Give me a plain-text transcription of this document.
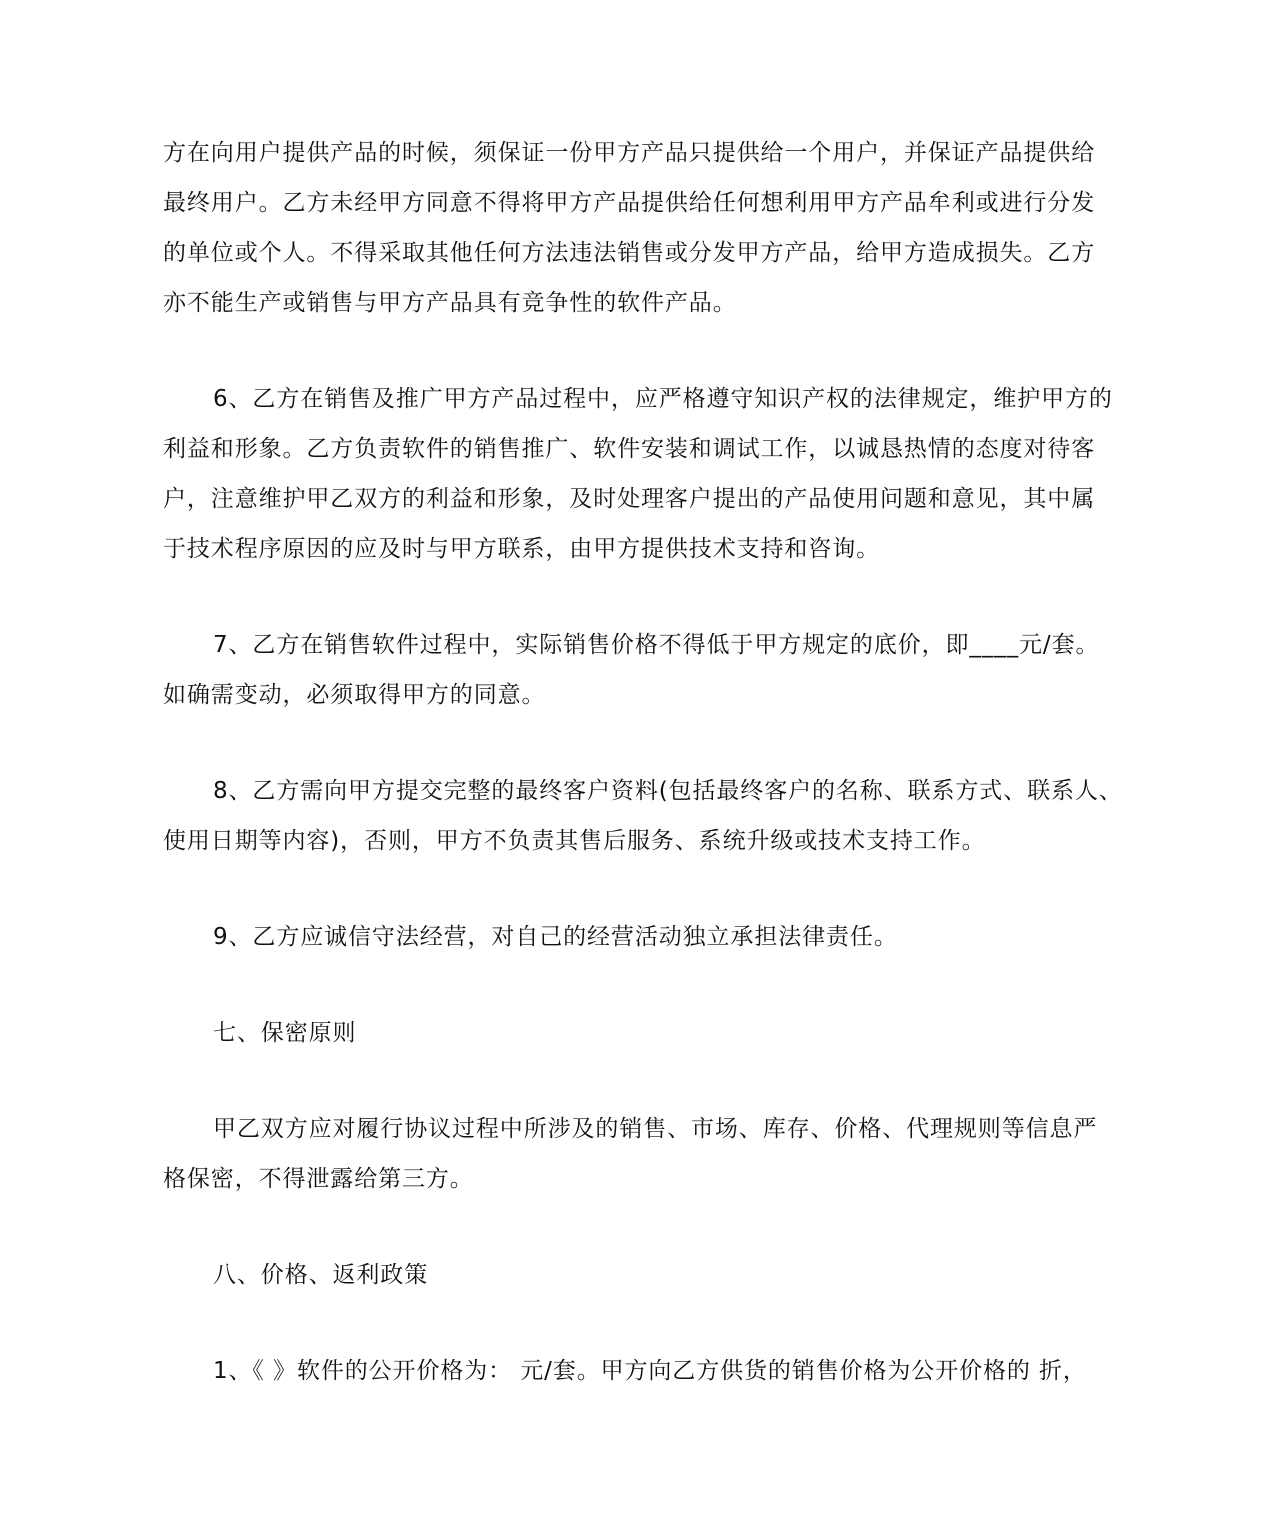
方在向用户提供产品的时候，须保证一份甲方产品只提供给一个用户，并保证产品提供给
最终用户。乙方未经甲方同意不得将甲方产品提供给任何想利用甲方产品牟利或进行分发
的单位或个人。不得采取其他任何方法违法销售或分发甲方产品，给甲方造成损失。乙方
亦不能生产或销售与甲方产品具有竞争性的软件产品。
6、乙方在销售及推广甲方产品过程中，应严格遵守知识产权的法律规定，维护甲方的
利益和形象。乙方负责软件的销售推广、软件安装和调试工作，以诚恳热情的态度对待客
户，注意维护甲乙双方的利益和形象，及时处理客户提出的产品使用问题和意见，其中属
于技术程序原因的应及时与甲方联系，由甲方提供技术支持和咨询。
7、乙方在销售软件过程中，实际销售价格不得低于甲方规定的底价，即____元/套。
如确需变动，必须取得甲方的同意。
8、乙方需向甲方提交完整的最终客户资料(包括最终客户的名称、联系方式、联系人、
使用日期等内容)，否则，甲方不负责其售后服务、系统升级或技术支持工作。
9、乙方应诚信守法经营，对自己的经营活动独立承担法律责任。
七、保密原则
甲乙双方应对履行协议过程中所涉及的销售、市场、库存、价格、代理规则等信息严
格保密，不得泄露给第三方。
八、价格、返利政策
1、《 》软件的公开价格为： 元/套。甲方向乙方供货的销售价格为公开价格的 折，
